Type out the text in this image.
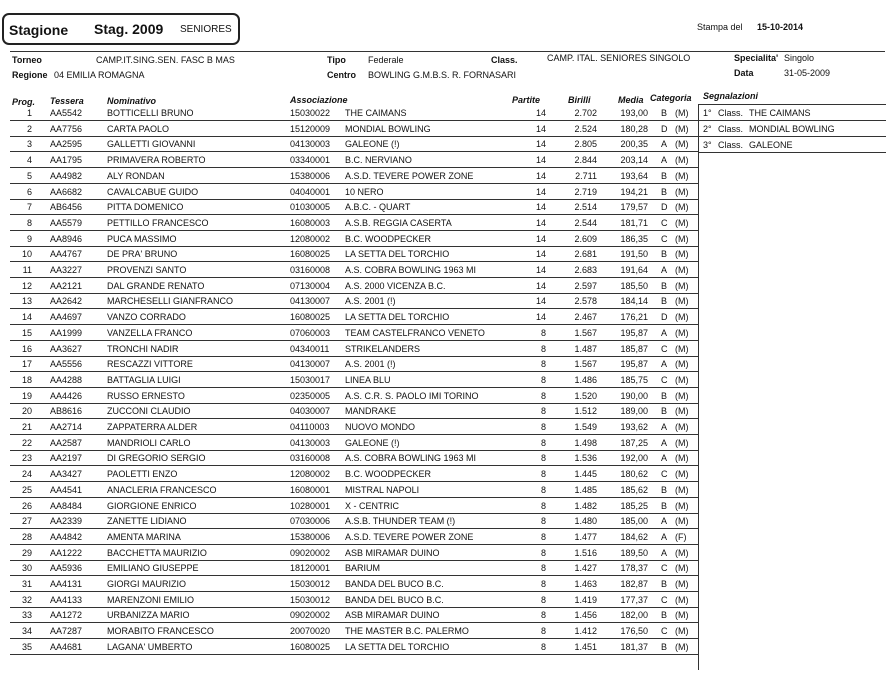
Stagione Stag. 2009 SENIORES	Stampa del 15-10-2014
Torneo	CAMP.IT.SING.SEN. FASC B MAS
Regione 04 EMILIA ROMAGNA
Tipo Federale	Class.	CAMP. ITAL. SENIORES SINGOLO
Centro BOWLING G.M.B.S. R. FORNASARI
Specialita' Singolo
Data	31-05-2009
Prog. Tessera	Nominativo	Associazione	Partite	Birilli	Media Categoria Segnalazioni
1° Class. THE CAIMANS
2° Class. MONDIAL BOWLING
3° Class. GALEONE
1 AA5542	BOTTICELLI BRUNO	15030022 THE CAIMANS	14	2.702	193,00 B (M)
2 AA7756	CARTA PAOLO	15120009 MONDIAL BOWLING	14	2.524	180,28 D (M)
3 AA2595	GALLETTI GIOVANNI	04130003 GALEONE (!)	14	2.805	200,35 A (M)
4 AA1795	PRIMAVERA ROBERTO	03340001 B.C. NERVIANO	14	2.844	203,14 A (M)
5 AA4982	ALY RONDAN	15380006 A.S.D. TEVERE POWER ZONE	14	2.711	193,64 B (M)
6 AA6682	CAVALCABUE GUIDO	04040001 10 NERO	14	2.719	194,21 B (M)
7 AB6456	PITTA DOMENICO	01030005 A.B.C. - QUART	14	2.514	179,57 D (M)
8 AA5579	PETTILLO FRANCESCO	16080003 A.S.B. REGGIA CASERTA	14	2.544	181,71 C (M)
9 AA8946	PUCA MASSIMO	12080002 B.C. WOODPECKER	14	2.609	186,35 C (M)
10 AA4767	DE PRA' BRUNO	16080025 LA SETTA DEL TORCHIO	14	2.681	191,50 B (M)
11 AA3227	PROVENZI SANTO	03160008 A.S. COBRA BOWLING 1963 MI	14	2.683	191,64 A (M)
12 AA2121	DAL GRANDE RENATO	07130004 A.S. 2000 VICENZA B.C.	14	2.597	185,50 B (M)
13 AA2642	MARCHESELLI GIANFRANCO	04130007 A.S. 2001 (!)	14	2.578	184,14 B (M)
14 AA4697	VANZO CORRADO	16080025 LA SETTA DEL TORCHIO	14	2.467	176,21 D (M)
15 AA1999	VANZELLA FRANCO	07060003 TEAM CASTELFRANCO VENETO	8	1.567	195,87 A (M)
16 AA3627	TRONCHI NADIR	04340011 STRIKELANDERS	8	1.487	185,87 C (M)
17 AA5556	RESCAZZI VITTORE	04130007 A.S. 2001 (!)	8	1.567	195,87 A (M)
18 AA4288	BATTAGLIA LUIGI	15030017 LINEA BLU	8	1.486	185,75 C (M)
19 AA4426	RUSSO ERNESTO	02350005 A.S. C.R. S. PAOLO IMI TORINO	8	1.520	190,00 B (M)
20 AB8616	ZUCCONI CLAUDIO	04030007 MANDRAKE	8	1.512	189,00 B (M)
21 AA2714	ZAPPATERRA ALDER	04110003 NUOVO MONDO	8	1.549	193,62 A (M)
22 AA2587	MANDRIOLI CARLO	04130003 GALEONE (!)	8	1.498	187,25 A (M)
23 AA2197	DI GREGORIO SERGIO	03160008 A.S. COBRA BOWLING 1963 MI	8	1.536	192,00 A (M)
24 AA3427	PAOLETTI ENZO	12080002 B.C. WOODPECKER	8	1.445	180,62 C (M)
25 AA4541	ANACLERIA FRANCESCO	16080001 MISTRAL NAPOLI	8	1.485	185,62 B (M)
26 AA8484	GIORGIONE ENRICO	10280001 X - CENTRIC	8	1.482	185,25 B (M)
27 AA2339	ZANETTE LIDIANO	07030006 A.S.B. THUNDER TEAM (!)	8	1.480	185,00 A (M)
28 AA4842	AMENTA MARINA	15380006 A.S.D. TEVERE POWER ZONE	8	1.477	184,62 A (F)
29 AA1222	BACCHETTA MAURIZIO	09020002 ASB MIRAMAR DUINO	8	1.516	189,50 A (M)
30 AA5936	EMILIANO GIUSEPPE	18120001 BARIUM	8	1.427	178,37 C (M)
31 AA4131	GIORGI MAURIZIO	15030012 BANDA DEL BUCO B.C.	8	1.463	182,87 B (M)
32 AA4133	MARENZONI EMILIO	15030012 BANDA DEL BUCO B.C.	8	1.419	177,37 C (M)
33 AA1272	URBANIZZA MARIO	09020002 ASB MIRAMAR DUINO	8	1.456	182,00 B (M)
34 AA7287	MORABITO FRANCESCO	20070020 THE MASTER B.C. PALERMO	8	1.412	176,50 C (M)
35 AA4681	LAGANA' UMBERTO	16080025 LA SETTA DEL TORCHIO	8	1.451	181,37 B (M)
